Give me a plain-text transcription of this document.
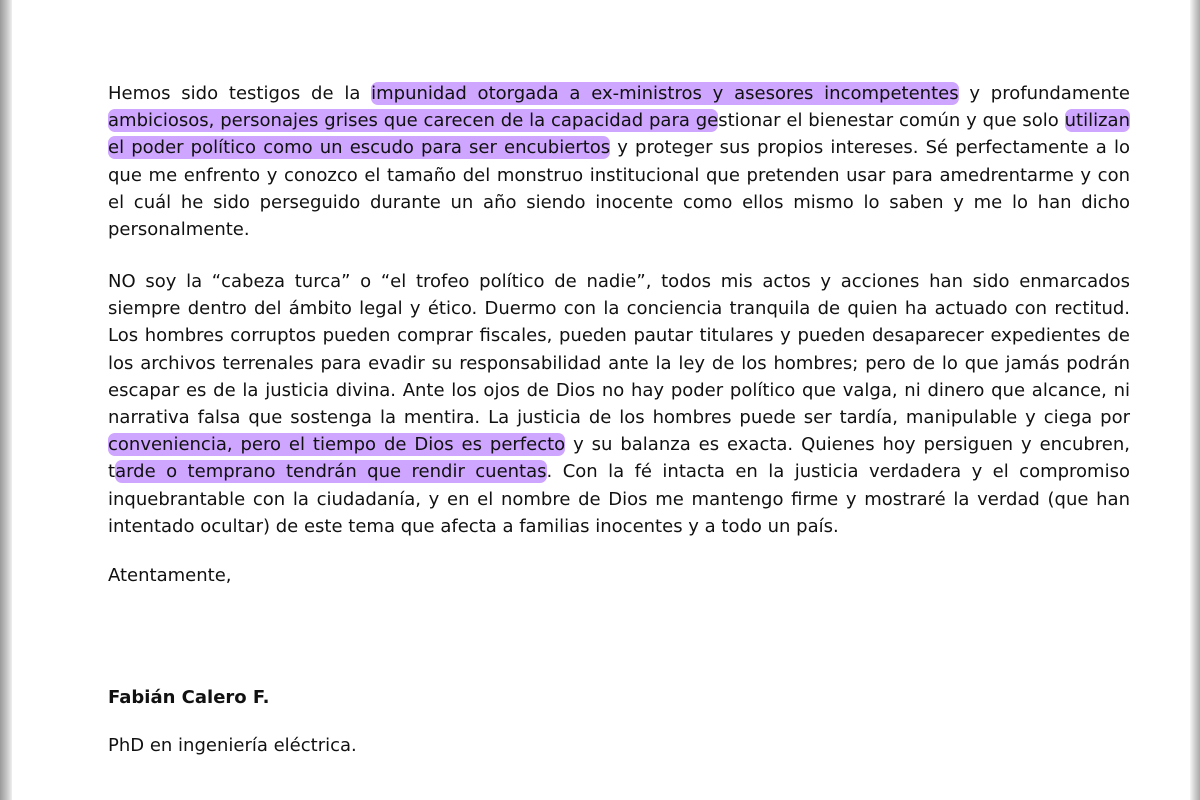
Hemos sido testigos de la impunidad otorgada a ex-ministros y asesores incompetentes y profundamente ambiciosos, personajes grises que carecen de la capacidad para gestionar el bienestar común y que solo utilizan el poder político como un escudo para ser encubiertos y proteger sus propios intereses. Sé perfectamente a lo que me enfrento y conozco el tamaño del monstruo institucional que pretenden usar para amedrentarme y con el cuál he sido perseguido durante un año siendo inocente como ellos mismo lo saben y me lo han dicho personalmente.

NO soy la “cabeza turca” o “el trofeo político de nadie”, todos mis actos y acciones han sido enmarcados siempre dentro del ámbito legal y ético. Duermo con la conciencia tranquila de quien ha actuado con rectitud. Los hombres corruptos pueden comprar fiscales, pueden pautar titulares y pueden desaparecer expedientes de los archivos terrenales para evadir su responsabilidad ante la ley de los hombres; pero de lo que jamás podrán escapar es de la justicia divina. Ante los ojos de Dios no hay poder político que valga, ni dinero que alcance, ni narrativa falsa que sostenga la mentira. La justicia de los hombres puede ser tardía, manipulable y ciega por conveniencia, pero el tiempo de Dios es perfecto y su balanza es exacta. Quienes hoy persiguen y encubren, tarde o temprano tendrán que rendir cuentas. Con la fé intacta en la justicia verdadera y el compromiso inquebrantable con la ciudadanía, y en el nombre de Dios me mantengo firme y mostraré la verdad (que han intentado ocultar) de este tema que afecta a familias inocentes y a todo un país.

Atentamente,

Fabián Calero F.

PhD en ingeniería eléctrica.
